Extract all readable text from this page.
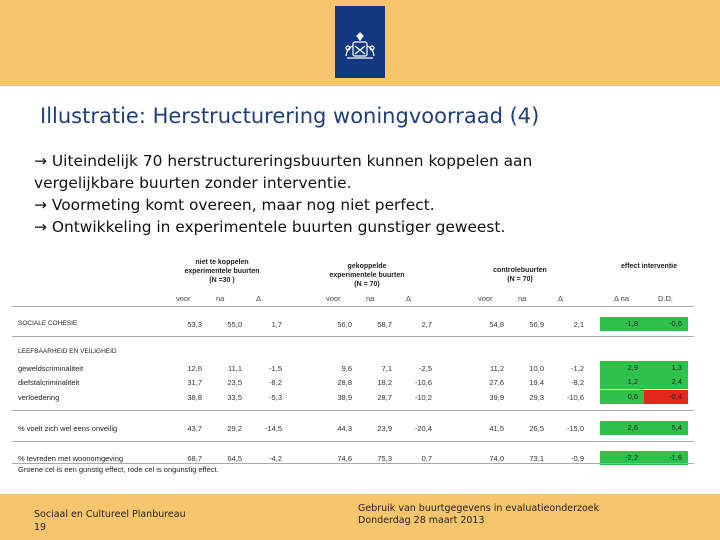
Illustratie: Herstructurering woningvoorraad (4)

→ Uiteindelijk 70 herstructureringsbuurten kunnen koppelen aan

vergelijkbare buurten zonder interventie.

→ Voormeting komt overeen, maar nog niet perfect.

→ Ontwikkeling in experimentele buurten gunstiger geweest.

niet te koppelen
experimentele buurten
(N =30 )
gekoppelde
experimentele buurten
(N = 70)
controlebuurten
(N = 70)
effect interventie
voor	na	Δ	voor	na	Δ	voor	na	Δ	Δ na	D.D.
SOCIALE COHESIE	53,3	55,0	1,7	56,0	58,7	2,7	54,8	56,9	2,1	-1,8	-0,6
LEEFBAARHEID EN VEILIGHEID
geweldscriminaliteit	12,6	11,1	-1,5	9,6	7,1	-2,5	11,2	10,0	-1,2	2,9	1,3
diefstalcriminaliteit	31,7	23,5	-8,2	28,8	18,2	-10,6	27,6	19,4	-8,2	1,2	2,4
verloedering	38,8	33,5	-5,3	38,9	28,7	-10,2	39,9	29,3	-10,6	0,6	-0,4
% voelt zich wel eens onveilig	43,7	29,2	-14,5	44,3	23,9	-20,4	41,5	26,5	-15,0	2,6	5,4
% tevreden met woonomgeving	68,7	64,5	-4,2	74,6	75,3	0,7	74,0	73,1	-0,9	-2,2	-1,6
Groene cel is een gunstig effect, rode cel is ongunstig effect.
Sociaal en Cultureel Planbureau
19
Gebruik van buurtgegevens in evaluatieonderzoek
Donderdag 28 maart 2013
